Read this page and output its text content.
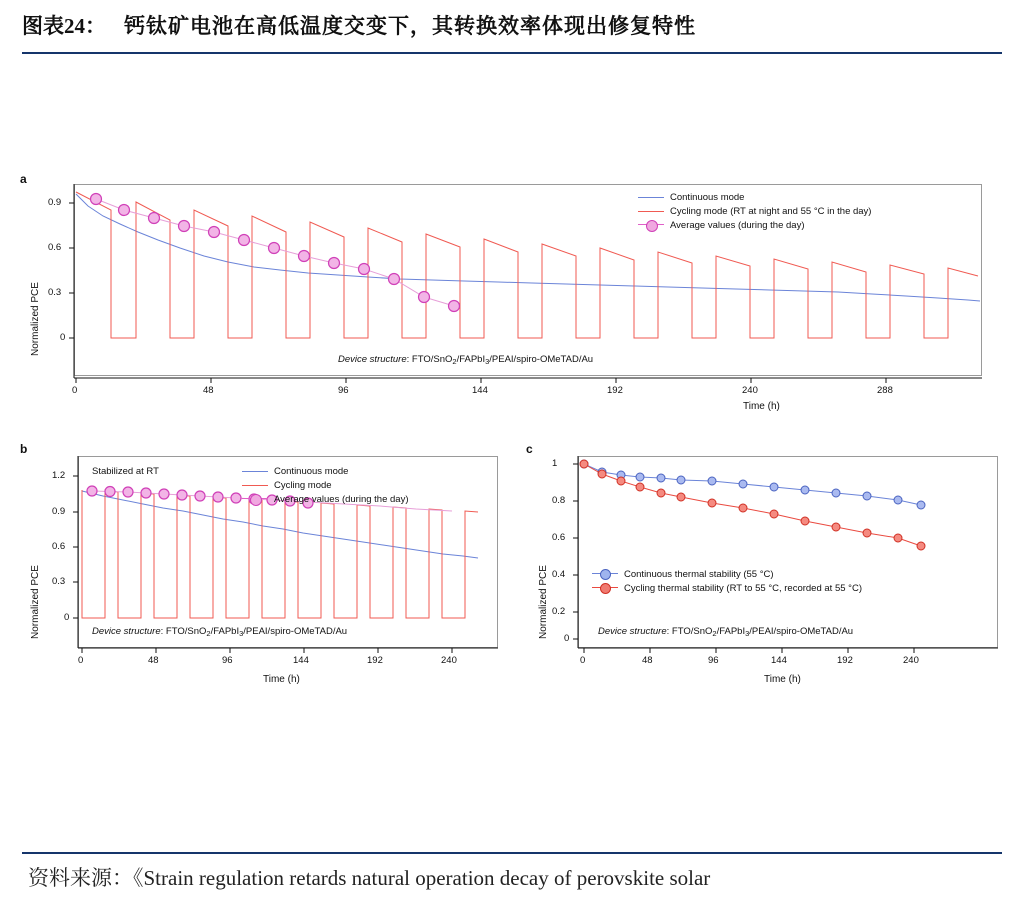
图表24： 钙钛矿电池在高低温度交变下，其转换效率体现出修复特性
a
Normalized PCE
0	48	96	144	192	240	288
0.9
0.6
0.3
0
Time (h)
Continuous mode
Cycling mode (RT at night and 55 °C in the day)
Average values (during the day)
Device structure: FTO/SnO$_2$/FAPbI$_3$/PEAI/spiro-OMeTAD/Au
b
Normalized PCE
0	48	96	144	192	240
1.2
0.9
0.6
0.3
0
Time (h)
Stabilized at RT	Continuous mode
Cycling mode
Average values (during the day)
Device structure: FTO/SnO$_2$/FAPbI$_3$/PEAI/spiro-OMeTAD/Au
c
Normalized PCE
0	48	96	144	192	240
1
0.8
0.6
0.4
0.2
0
Time (h)
Continuous thermal stability (55 °C)
Cycling thermal stability (RT to 55 °C, recorded at 55 °C)
Device structure: FTO/SnO$_2$/FAPbI$_3$/PEAI/spiro-OMeTAD/Au
资料来源：《Strain regulation retards natural operation decay of perovskite solar
